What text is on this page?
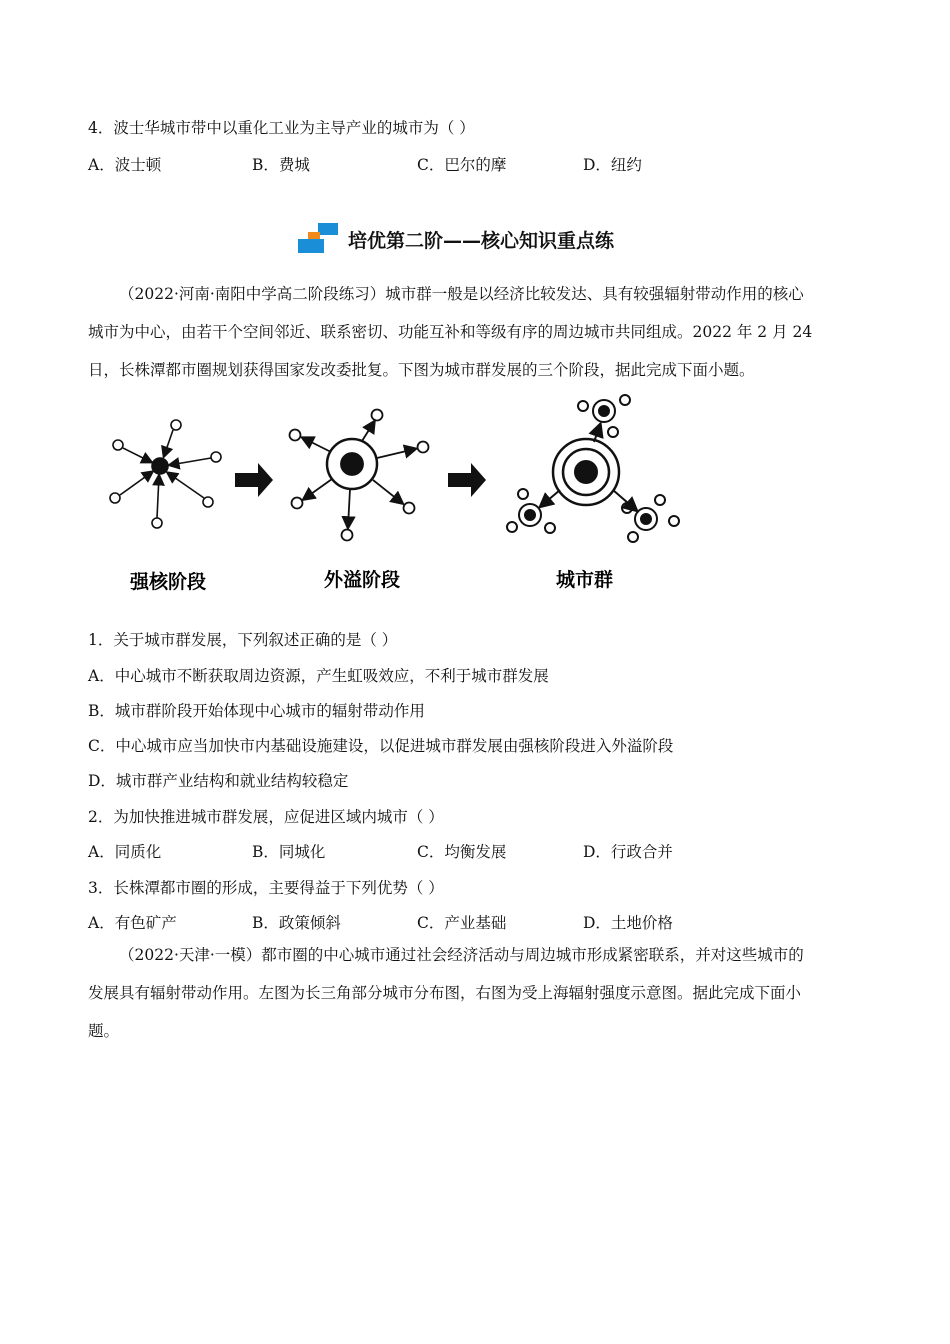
4．波士华城市带中以重化工业为主导产业的城市为（ ）
A．波士顿	B．费城	C．巴尔的摩	D．纽约
培优第二阶——核心知识重点练

（2022·河南·南阳中学高二阶段练习）城市群一般是以经济比较发达、具有较强辐射带动作用的核心

城市为中心，由若干个空间邻近、联系密切、功能互补和等级有序的周边城市共同组成。2022 年 2 月 24

日，长株潭都市圈规划获得国家发改委批复。下图为城市群发展的三个阶段，据此完成下面小题。

强核阶段	外溢阶段	城市群
1．关于城市群发展，下列叙述正确的是（ ）
A．中心城市不断获取周边资源，产生虹吸效应，不利于城市群发展
B．城市群阶段开始体现中心城市的辐射带动作用
C．中心城市应当加快市内基础设施建设，以促进城市群发展由强核阶段进入外溢阶段
D．城市群产业结构和就业结构较稳定
2．为加快推进城市群发展，应促进区域内城市（ ）
A．同质化	B．同城化	C．均衡发展	D．行政合并
3．长株潭都市圈的形成，主要得益于下列优势（ ）
A．有色矿产	B．政策倾斜	C．产业基础	D．土地价格

（2022·天津·一模）都市圈的中心城市通过社会经济活动与周边城市形成紧密联系，并对这些城市的

发展具有辐射带动作用。左图为长三角部分城市分布图，右图为受上海辐射强度示意图。据此完成下面小

题。
